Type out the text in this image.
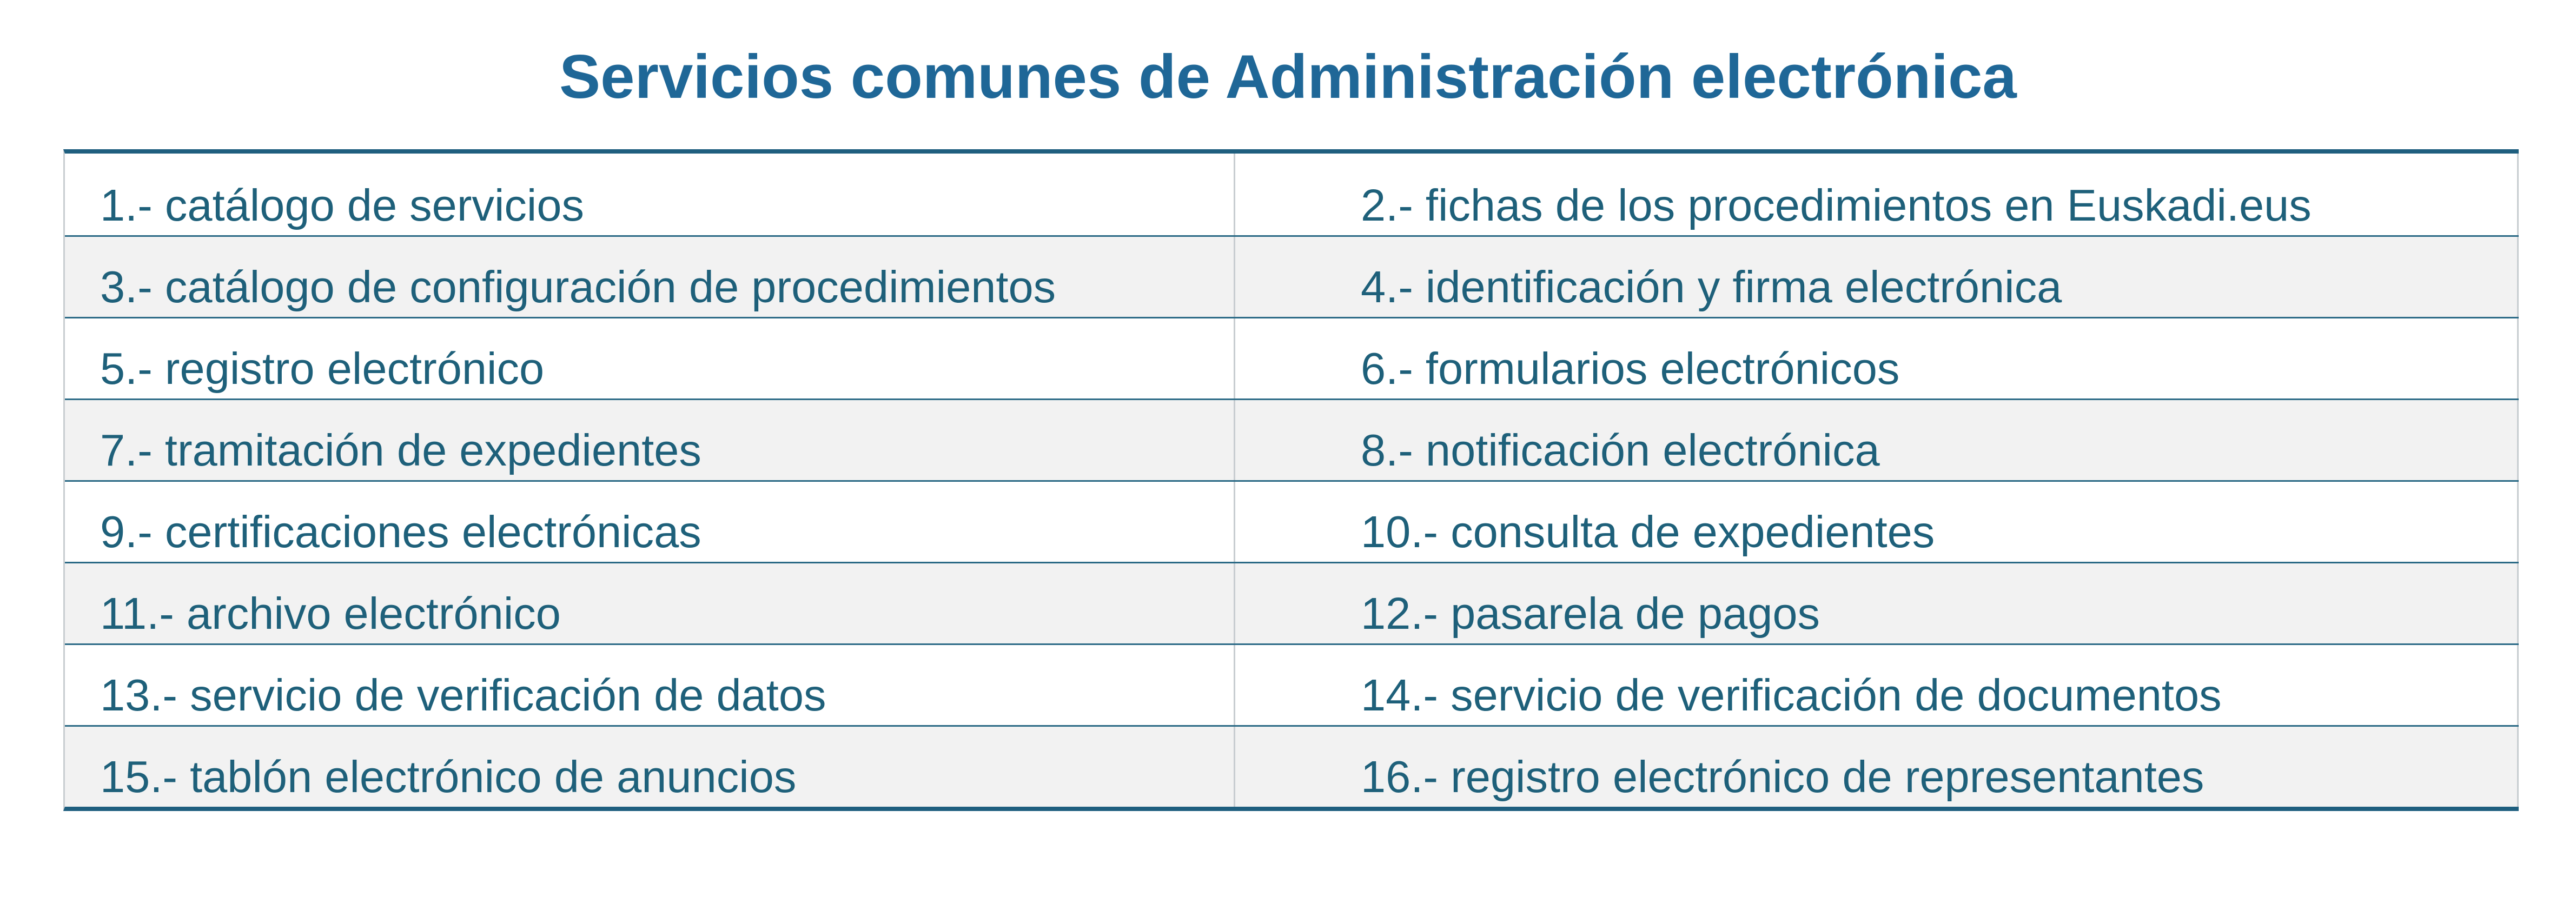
Servicios comunes de Administración electrónica
1.- catálogo de servicios	2.- fichas de los procedimientos en Euskadi.eus
3.- catálogo de configuración de procedimientos	4.- identificación y firma electrónica
5.- registro electrónico	6.- formularios electrónicos
7.- tramitación de expedientes	8.- notificación electrónica
9.- certificaciones electrónicas	10.- consulta de expedientes
11.- archivo electrónico	12.- pasarela de pagos
13.- servicio de verificación de datos	14.- servicio de verificación de documentos
15.- tablón electrónico de anuncios	16.- registro electrónico de representantes
